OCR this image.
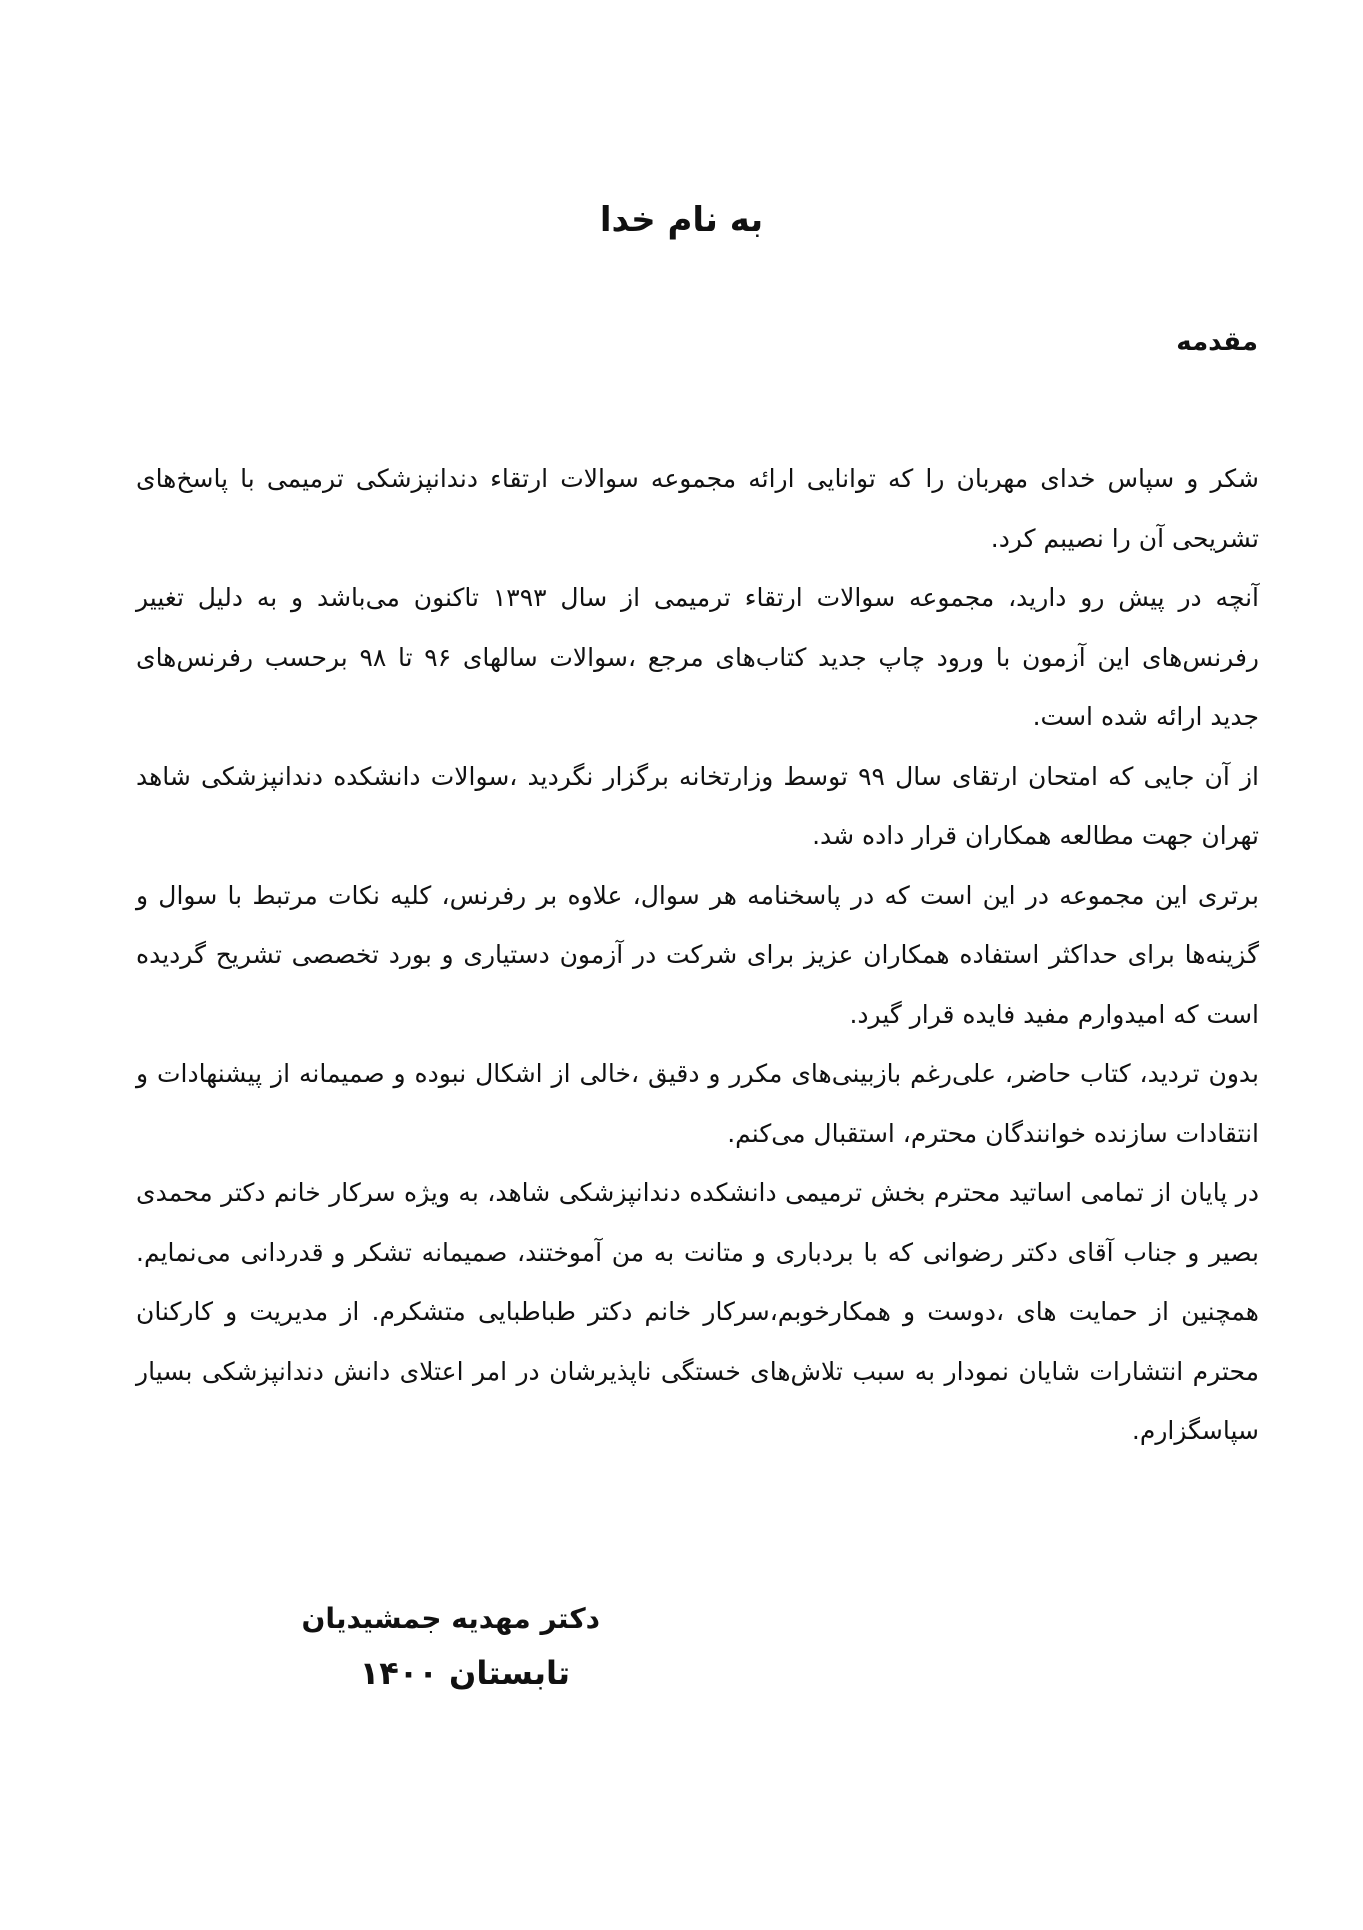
به نام خدا
مقدمه

شکر و سپاس خدای مهربان را که توانایی ارائه مجموعه سوالات ارتقاء دندانپزشکی ترمیمی با پاسخ‌های تشریحی آن را نصیبم کرد.

آنچه در پیش رو دارید، مجموعه سوالات ارتقاء ترمیمی از سال ۱۳۹۳ تاکنون می‌باشد و به دلیل تغییر رفرنس‌های این آزمون با ورود چاپ جدید کتاب‌های مرجع ،سوالات سالهای ۹۶ تا ۹۸ برحسب رفرنس‌های جدید ارائه شده است.

از آن جایی که امتحان ارتقای سال ۹۹ توسط وزارتخانه برگزار نگردید ،سوالات دانشکده دندانپزشکی شاهد تهران جهت مطالعه همکاران قرار داده شد.

برتری این مجموعه در این است که در پاسخنامه هر سوال، علاوه بر رفرنس، کلیه نکات مرتبط با سوال و گزینه‌ها برای حداکثر استفاده همکاران عزیز برای شرکت در آزمون دستیاری و بورد تخصصی تشریح گردیده است که امیدوارم مفید فایده قرار گیرد.

بدون تردید، کتاب حاضر، علی‌رغم بازبینی‌های مکرر و دقیق ،خالی از اشکال نبوده و صمیمانه از پیشنهادات و انتقادات سازنده خوانندگان محترم، استقبال می‌کنم.

در پایان از تمامی اساتید محترم بخش ترمیمی دانشکده دندانپزشکی شاهد، به ویژه سرکار خانم دکتر محمدی بصیر و جناب آقای دکتر رضوانی که با بردباری و متانت به من آموختند، صمیمانه تشکر و قدردانی می‌نمایم. همچنین از حمایت های ،دوست و همکارخوبم،سرکار خانم دکتر طباطبایی متشکرم. از مدیریت و کارکنان محترم انتشارات شایان نمودار به سبب تلاش‌های خستگی ناپذیرشان در امر اعتلای دانش دندانپزشکی بسیار سپاسگزارم.

دکتر مهدیه جمشیدیان
تابستان ۱۴۰۰
